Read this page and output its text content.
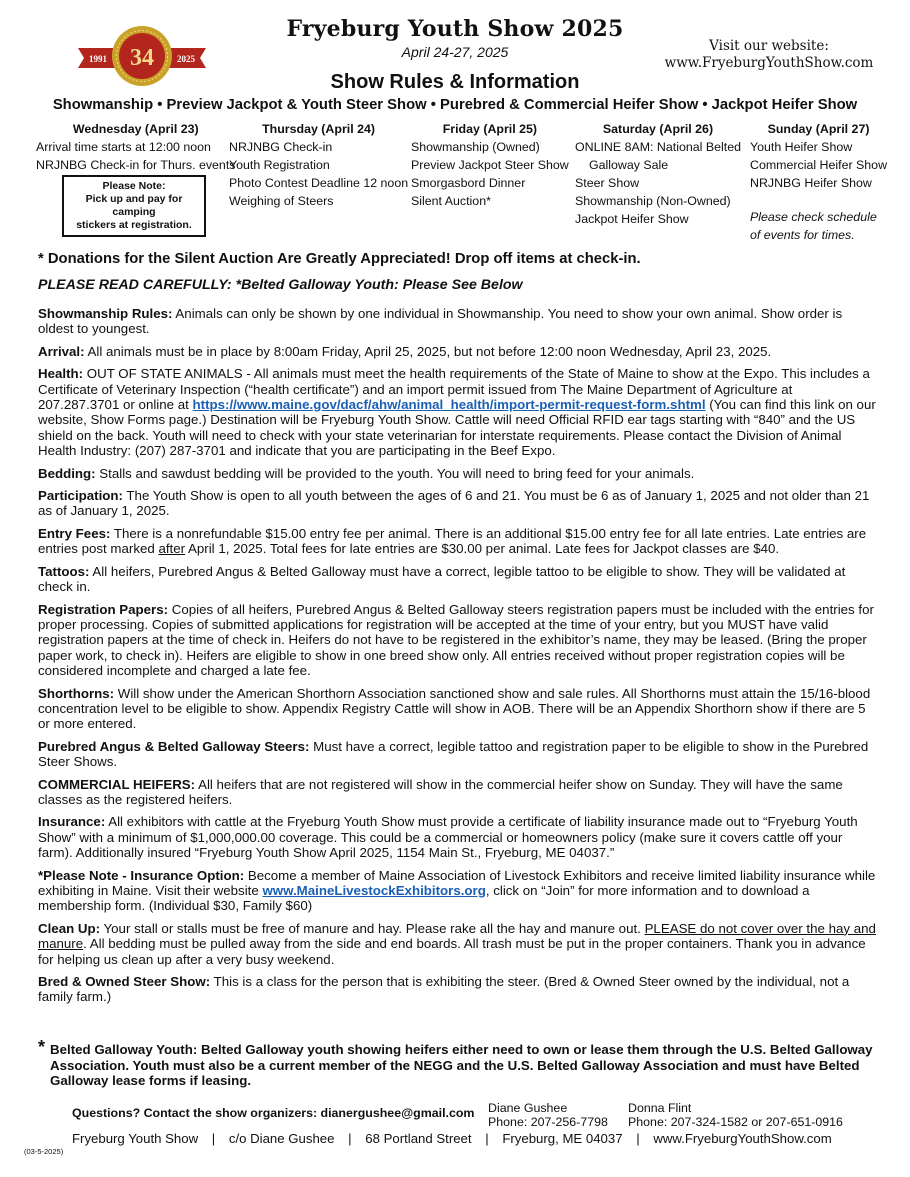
34
1991	2025
Fryeburg Youth Show 2025
April 24-27, 2025	Visit our website:
www.FryeburgYouthShow.com
Show Rules & Information
Showmanship • Preview Jackpot & Youth Steer Show • Purebred & Commercial Heifer Show • Jackpot Heifer Show
Wednesday (April 23)
Arrival time starts at 12:00 noon
NRJNBG Check-in for Thurs. events
Please Note:
Pick up and pay for camping
stickers at registration.
Thursday (April 24)
NRJNBG Check-in
Youth Registration
Photo Contest Deadline 12 noon
Weighing of Steers
Friday (April 25)
Showmanship (Owned)
Preview Jackpot Steer Show
Smorgasbord Dinner
Silent Auction*
Saturday (April 26)
ONLINE 8AM: National Belted
Galloway Sale
Steer Show
Showmanship (Non-Owned)
Jackpot Heifer Show
Sunday (April 27)
Youth Heifer Show
Commercial Heifer Show
NRJNBG Heifer Show
Please check schedule
of events for times.
* Donations for the Silent Auction Are Greatly Appreciated! Drop off items at check-in.
PLEASE READ CAREFULLY: *Belted Galloway Youth: Please See Below

Showmanship Rules: Animals can only be shown by one individual in Showmanship. You need to show your own animal. Show order is oldest to youngest.

Arrival: All animals must be in place by 8:00am Friday, April 25, 2025, but not before 12:00 noon Wednesday, April 23, 2025.

Health: OUT OF STATE ANIMALS - All animals must meet the health requirements of the State of Maine to show at the Expo. This includes a Certificate of Veterinary Inspection (“health certificate”) and an import permit issued from The Maine Department of Agriculture at 207.287.3701 or online at https://www.maine.gov/dacf/ahw/animal_health/import-permit-request-form.shtml (You can find this link on our website, Show Forms page.) Destination will be Fryeburg Youth Show. Cattle will need Official RFID ear tags starting with “840” and the US shield on the back. Youth will need to check with your state veterinarian for interstate requirements. Please contact the Division of Animal Health Industry: (207) 287-3701 and indicate that you are participating in the Beef Expo.

Bedding: Stalls and sawdust bedding will be provided to the youth. You will need to bring feed for your animals.

Participation: The Youth Show is open to all youth between the ages of 6 and 21. You must be 6 as of January 1, 2025 and not older than 21 as of January 1, 2025.

Entry Fees: There is a nonrefundable $15.00 entry fee per animal. There is an additional $15.00 entry fee for all late entries. Late entries are entries post marked after April 1, 2025. Total fees for late entries are $30.00 per animal. Late fees for Jackpot classes are $40.

Tattoos: All heifers, Purebred Angus & Belted Galloway must have a correct, legible tattoo to be eligible to show. They will be validated at check in.

Registration Papers: Copies of all heifers, Purebred Angus & Belted Galloway steers registration papers must be included with the entries for proper processing. Copies of submitted applications for registration will be accepted at the time of your entry, but you MUST have valid registration papers at the time of check in. Heifers do not have to be registered in the exhibitor’s name, they may be leased. (Bring the proper paper work, to check in). Heifers are eligible to show in one breed show only. All entries received without proper registration copies will be considered incomplete and charged a late fee.

Shorthorns: Will show under the American Shorthorn Association sanctioned show and sale rules. All Shorthorns must attain the 15/16-blood concentration level to be eligible to show. Appendix Registry Cattle will show in AOB. There will be an Appendix Shorthorn show if there are 5 or more entered.

Purebred Angus & Belted Galloway Steers: Must have a correct, legible tattoo and registration paper to be eligible to show in the Purebred Steer Shows.

COMMERCIAL HEIFERS: All heifers that are not registered will show in the commercial heifer show on Sunday. They will have the same classes as the registered heifers.

Insurance: All exhibitors with cattle at the Fryeburg Youth Show must provide a certificate of liability insurance made out to “Fryeburg Youth Show” with a minimum of $1,000,000.00 coverage. This could be a commercial or homeowners policy (make sure it covers cattle off your farm). Additionally insured “Fryeburg Youth Show April 2025, 1154 Main St., Fryeburg, ME 04037.”

*Please Note - Insurance Option: Become a member of Maine Association of Livestock Exhibitors and receive limited liability insurance while exhibiting in Maine. Visit their website www.MaineLivestockExhibitors.org, click on “Join” for more information and to download a membership form. (Individual $30, Family $60)

Clean Up: Your stall or stalls must be free of manure and hay. Please rake all the hay and manure out. PLEASE do not cover over the hay and manure. All bedding must be pulled away from the side and end boards. All trash must be put in the proper containers. Thank you in advance for helping us clean up after a very busy weekend.

Bred & Owned Steer Show: This is a class for the person that is exhibiting the steer. (Bred & Owned Steer owned by the individual, not a family farm.)

* Belted Galloway Youth: Belted Galloway youth showing heifers either need to own or lease them through the U.S. Belted Galloway Association. Youth must also be a current member of the NEGG and the U.S. Belted Galloway Association and must have Belted Galloway lease forms if leasing.
Questions? Contact the show organizers: dianergushee@gmail.com Diane Gushee
Phone: 207-256-7798
Donna Flint
Phone: 207-324-1582 or 207-651-0916
Fryeburg Youth Show | c/o Diane Gushee | 68 Portland Street | Fryeburg, ME 04037 | www.FryeburgYouthShow.com
(03-5-2025)
